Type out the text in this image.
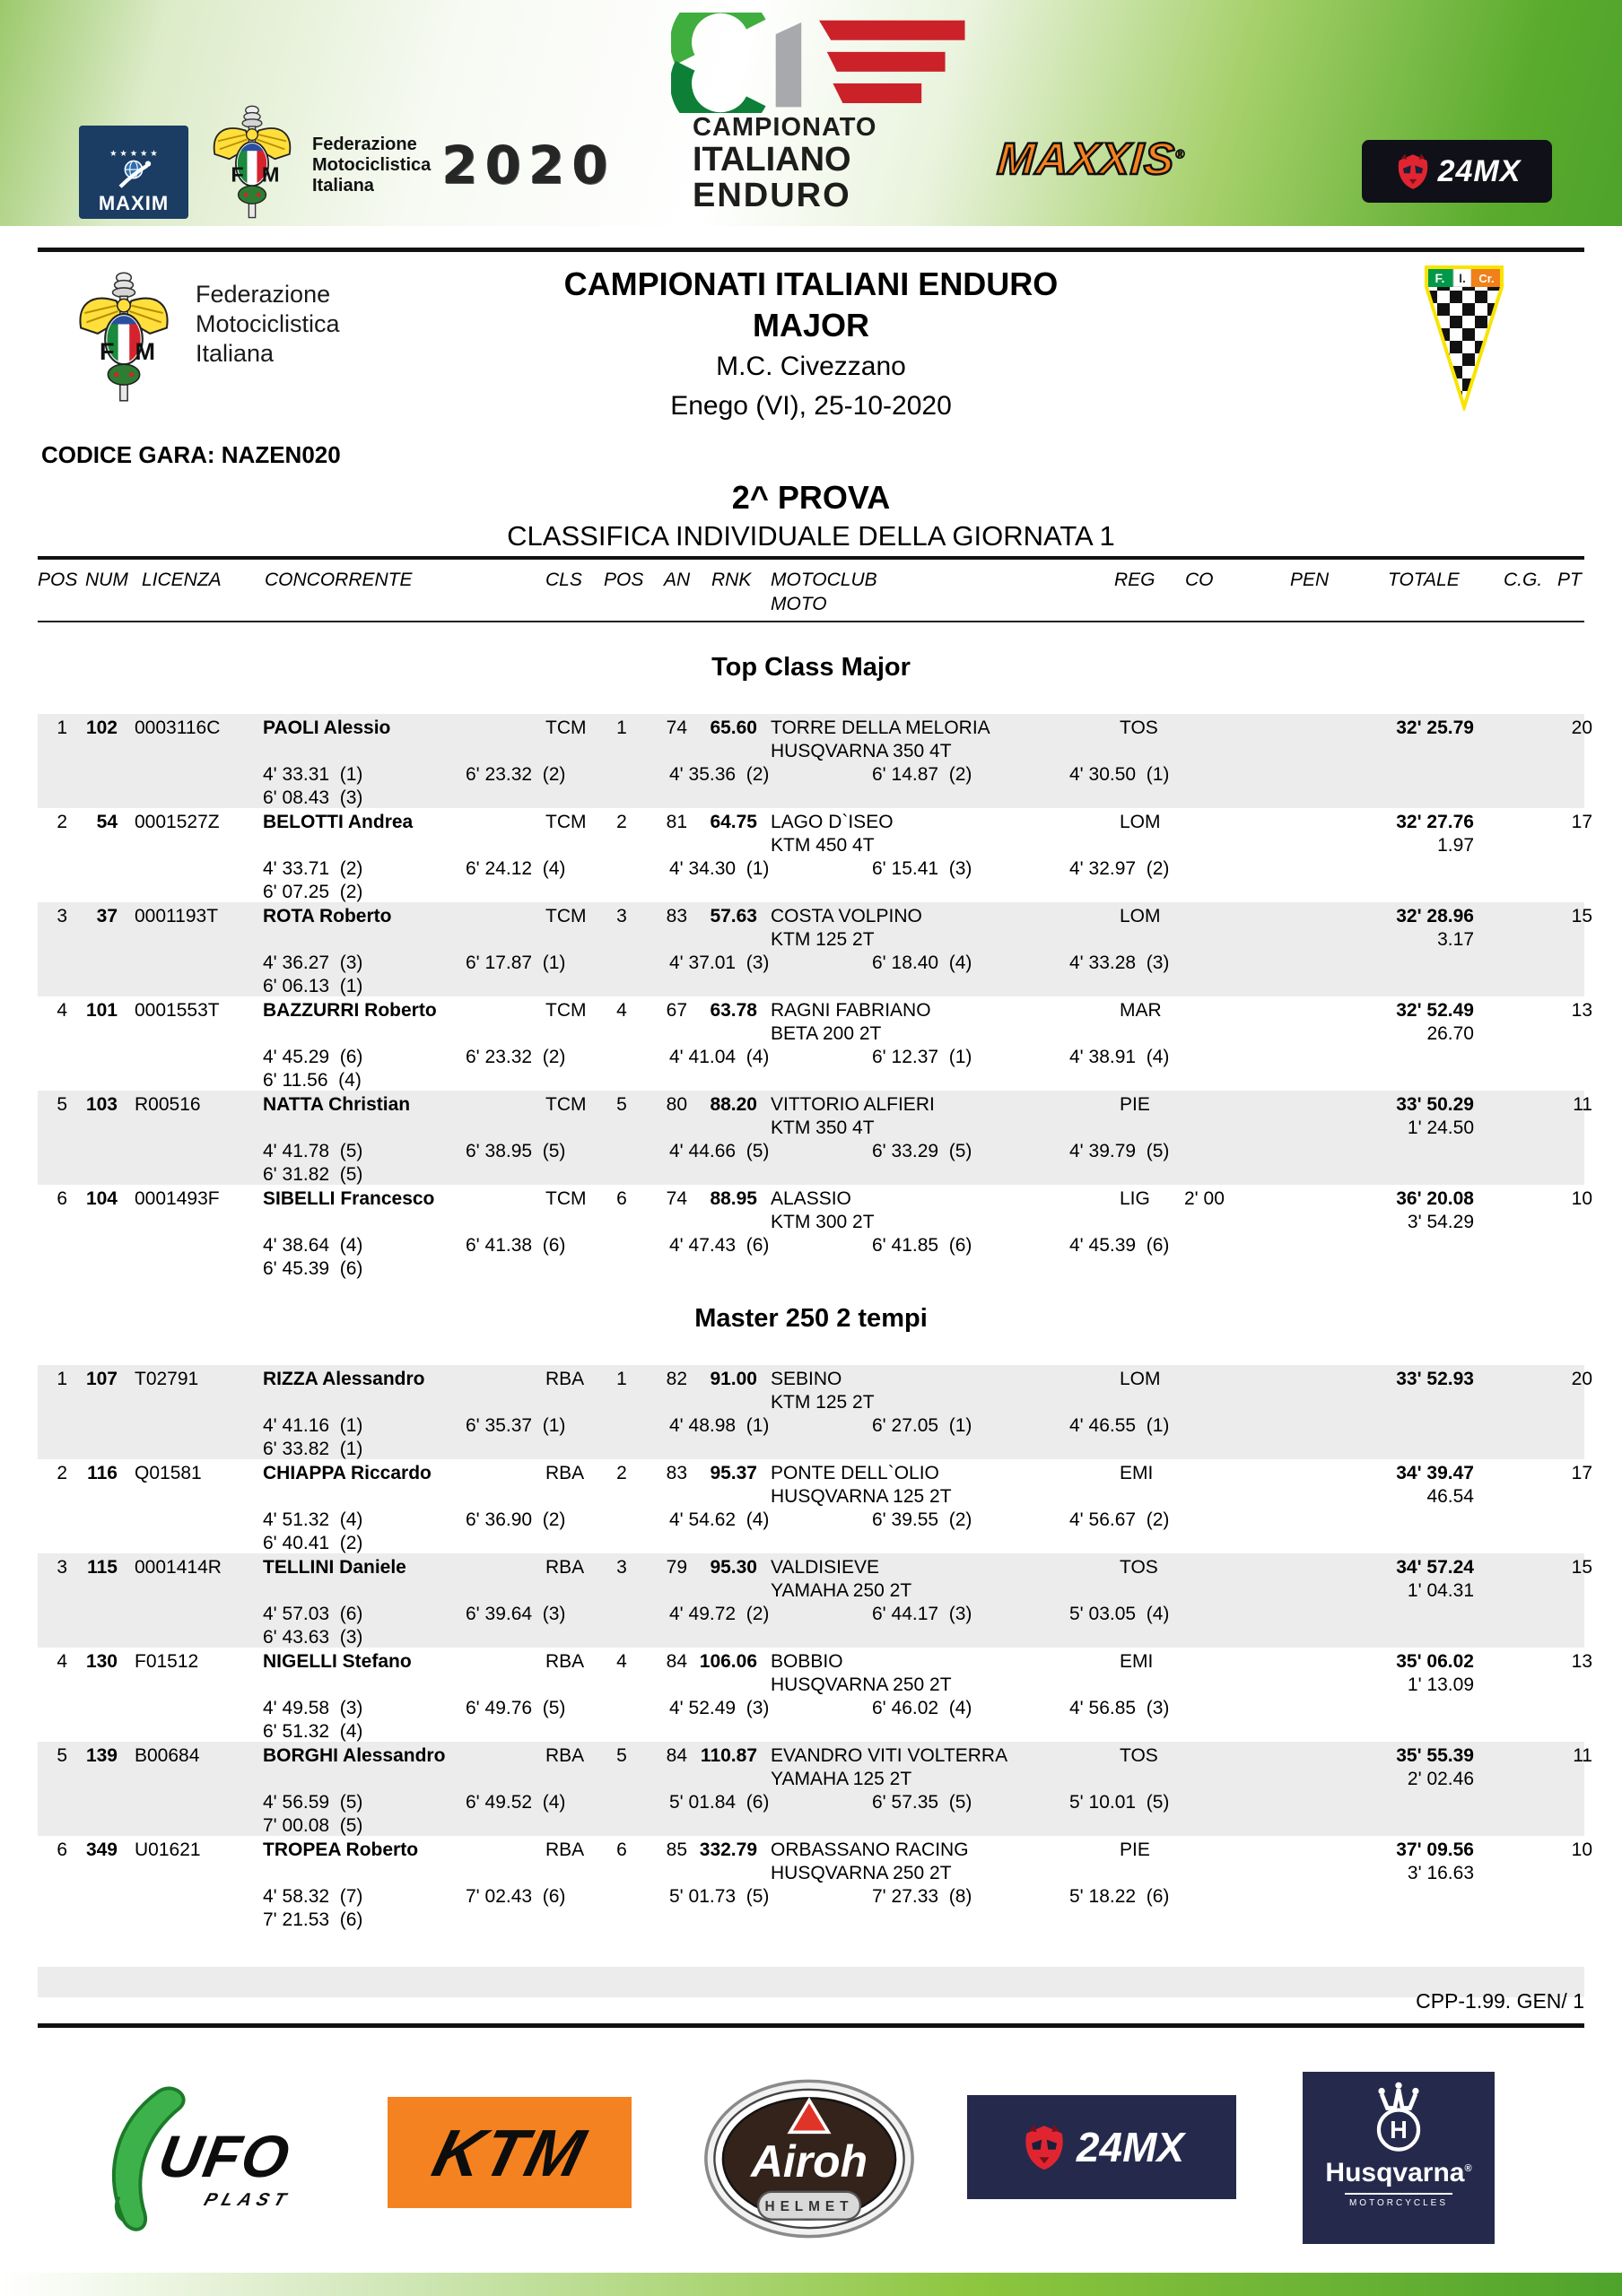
★ ★ ★ ★ ★
MAXIM
Federazione
Motociclistica
Italiana	2020
CAMPIONATO
ITALIANO
ENDURO
MAXXIS®
24MX
Federazione
Motociclistica
Italiana
CAMPIONATI ITALIANI ENDURO
MAJOR
M.C. Civezzano
Enego (VI), 25-10-2020
F. I. Cr.
CODICE GARA: NAZEN020
2^ PROVA
CLASSIFICA INDIVIDUALE DELLA GIORNATA 1
POS NUM LICENZA CONCORRENTE	CLS POS AN RNK MOTOCLUB
MOTO
REG CO	PEN	TOTALE C.G. PT
Top Class Major
1 102 0003116C PAOLI Alessio	TCM	1	74	65.60 TORRE DELLA MELORIA	TOS	32' 25.79	20
HUSQVARNA 350 4T
4' 33.31  (1)	6' 23.32  (2)	4' 35.36  (2)	6' 14.87  (2)	4' 30.50  (1)
6' 08.43  (3)
2	54 0001527Z BELOTTI Andrea	TCM	2	81	64.75 LAGO D`ISEO	LOM	32' 27.76	17
KTM 450 4T	1.97
4' 33.71  (2)	6' 24.12  (4)	4' 34.30  (1)	6' 15.41  (3)	4' 32.97  (2)
6' 07.25  (2)
3	37 0001193T ROTA Roberto	TCM	3	83	57.63 COSTA VOLPINO	LOM	32' 28.96	15
KTM 125 2T	3.17
4' 36.27  (3)	6' 17.87  (1)	4' 37.01  (3)	6' 18.40  (4)	4' 33.28  (3)
6' 06.13  (1)
4 101 0001553T BAZZURRI Roberto	TCM	4	67	63.78 RAGNI FABRIANO	MAR	32' 52.49	13
BETA 200 2T	26.70
4' 45.29  (6)	6' 23.32  (2)	4' 41.04  (4)	6' 12.37  (1)	4' 38.91  (4)
6' 11.56  (4)
5 103 R00516	NATTA Christian	TCM	5	80	88.20 VITTORIO ALFIERI	PIE	33' 50.29	11
KTM 350 4T	1' 24.50
4' 41.78  (5)	6' 38.95  (5)	4' 44.66  (5)	6' 33.29  (5)	4' 39.79  (5)
6' 31.82  (5)
6 104 0001493F SIBELLI Francesco	TCM	6	74	88.95 ALASSIO	LIG 2' 00	36' 20.08	10
KTM 300 2T	3' 54.29
4' 38.64  (4)	6' 41.38  (6)	4' 47.43  (6)	6' 41.85  (6)	4' 45.39  (6)
6' 45.39  (6)
Master 250 2 tempi
1 107 T02791	RIZZA Alessandro	RBA	1	82	91.00 SEBINO	LOM	33' 52.93	20
KTM 125 2T
4' 41.16  (1)	6' 35.37  (1)	4' 48.98  (1)	6' 27.05  (1)	4' 46.55  (1)
6' 33.82  (1)
2	116 Q01581	CHIAPPA Riccardo	RBA	2	83	95.37 PONTE DELL`OLIO	EMI	34' 39.47	17
HUSQVARNA 125 2T	46.54
4' 51.32  (4)	6' 36.90  (2)	4' 54.62  (4)	6' 39.55  (2)	4' 56.67  (2)
6' 40.41  (2)
3	115 0001414R TELLINI Daniele	RBA	3	79	95.30 VALDISIEVE	TOS	34' 57.24	15
YAMAHA 250 2T	1' 04.31
4' 57.03  (6)	6' 39.64  (3)	4' 49.72  (2)	6' 44.17  (3)	5' 03.05  (4)
6' 43.63  (3)
4 130 F01512	NIGELLI Stefano	RBA	4	84 106.06 BOBBIO	EMI	35' 06.02	13
HUSQVARNA 250 2T	1' 13.09
4' 49.58  (3)	6' 49.76  (5)	4' 52.49  (3)	6' 46.02  (4)	4' 56.85  (3)
6' 51.32  (4)
5 139 B00684	BORGHI Alessandro	RBA	5	84 110.87 EVANDRO VITI VOLTERRA	TOS	35' 55.39	11
YAMAHA 125 2T	2' 02.46
4' 56.59  (5)	6' 49.52  (4)	5' 01.84  (6)	6' 57.35  (5)	5' 10.01  (5)
7' 00.08  (5)
6 349 U01621	TROPEA Roberto	RBA	6	85 332.79 ORBASSANO RACING	PIE	37' 09.56	10
HUSQVARNA 250 2T	3' 16.63
4' 58.32  (7)	7' 02.43  (6)	5' 01.73  (5)	7' 27.33  (8)	5' 18.22  (6)
7' 21.53  (6)
CPP-1.99. GEN/ 1
UFO
PLAST
KTM	Airoh
HELMET
24MX	H
Husqvarna®
MOTORCYCLES
